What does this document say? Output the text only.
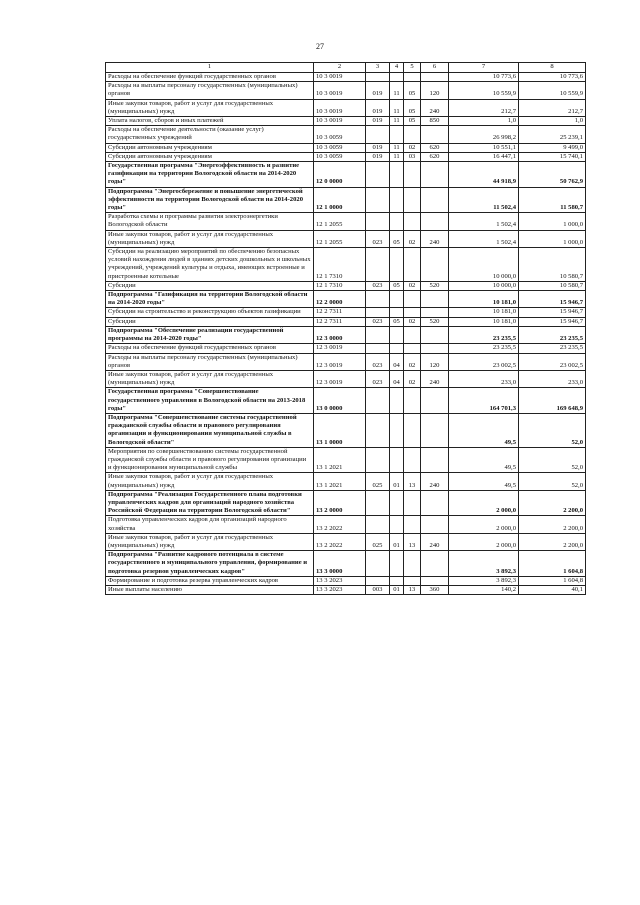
27
1	2	3	4	5	6	7	8
Расходы на обеспечение функций государственных органов	10 3 0019					10 773,6	10 773,6
Расходы на выплаты персоналу государственных (муниципальных) органов	10 3 0019	019	11	05	120	10 559,9	10 559,9
Иные закупки товаров, работ и услуг для государственных (муниципальных) нужд	10 3 0019	019	11	05	240	212,7	212,7
Уплата налогов, сборов и иных платежей	10 3 0019	019	11	05	850	1,0	1,0
Расходы на обеспечение деятельности (оказание услуг) государственных учреждений	10 3 0059					26 998,2	25 239,1
Субсидии автономным учреждениям	10 3 0059	019	11	02	620	10 551,1	9 499,0
Субсидии автономным учреждениям	10 3 0059	019	11	03	620	16 447,1	15 740,1
Государственная программа "Энергоэффективность и развитие газификации на территории Вологодской области на 2014-2020 годы"	12 0 0000					44 918,9	50 762,9
Подпрограмма "Энергосбережение и повышение энергетической эффективности на территории Вологодской области на 2014-2020 годы"	12 1 0000					11 502,4	11 580,7
Разработка схемы и программы развития электроэнергетики Вологодской области	12 1 2055					1 502,4	1 000,0
Иные закупки товаров, работ и услуг для государственных (муниципальных) нужд	12 1 2055	023	05	02	240	1 502,4	1 000,0
Субсидии на реализацию мероприятий по обеспечению безопасных условий нахождения людей в зданиях детских дошкольных и школьных учреждений, учреждений культуры и отдыха, имеющих встроенные и пристроенные котельные	12 1 7310					10 000,0	10 580,7
Субсидии	12 1 7310	023	05	02	520	10 000,0	10 580,7
Подпрограмма "Газификация на территории Вологодской области на 2014-2020 годы"	12 2 0000					10 181,0	15 946,7
Субсидии на строительство и реконструкцию объектов газификации	12 2 7311					10 181,0	15 946,7
Субсидии	12 2 7311	023	05	02	520	10 181,0	15 946,7
Подпрограмма "Обеспечение реализации государственной программы на 2014-2020 годы"	12 3 0000					23 235,5	23 235,5
Расходы на обеспечение функций государственных органов	12 3 0019					23 235,5	23 235,5
Расходы на выплаты персоналу государственных (муниципальных) органов	12 3 0019	023	04	02	120	23 002,5	23 002,5
Иные закупки товаров, работ и услуг для государственных (муниципальных) нужд	12 3 0019	023	04	02	240	233,0	233,0
Государственная программа "Совершенствование государственного управления в Вологодской области на 2013-2018 годы"	13 0 0000					164 701,3	169 648,9
Подпрограмма "Совершенствование системы государственной гражданской службы области и правового регулирования организации и функционирования муниципальной службы в Вологодской области"	13 1 0000					49,5	52,0
Мероприятия по совершенствованию системы государственной гражданской службы области и правового регулирования организации и функционирования муниципальной службы	13 1 2021					49,5	52,0
Иные закупки товаров, работ и услуг для государственных (муниципальных) нужд	13 1 2021	025	01	13	240	49,5	52,0
Подпрограмма "Реализация Государственного плана подготовки управленческих кадров для организаций народного хозяйства Российской Федерации на территории Вологодской области"	13 2 0000					2 000,0	2 200,0
Подготовка управленческих кадров для организаций народного хозяйства	13 2 2022					2 000,0	2 200,0
Иные закупки товаров, работ и услуг для государственных (муниципальных) нужд	13 2 2022	025	01	13	240	2 000,0	2 200,0
Подпрограмма "Развитие кадрового потенциала в системе государственного и муниципального управления, формирование и подготовка резервов управленческих кадров"	13 3 0000					3 892,3	1 604,8
Формирование и подготовка резерва управленческих кадров	13 3 2023					3 892,3	1 604,8
Иные выплаты населению	13 3 2023	003	01	13	360	140,2	40,1
